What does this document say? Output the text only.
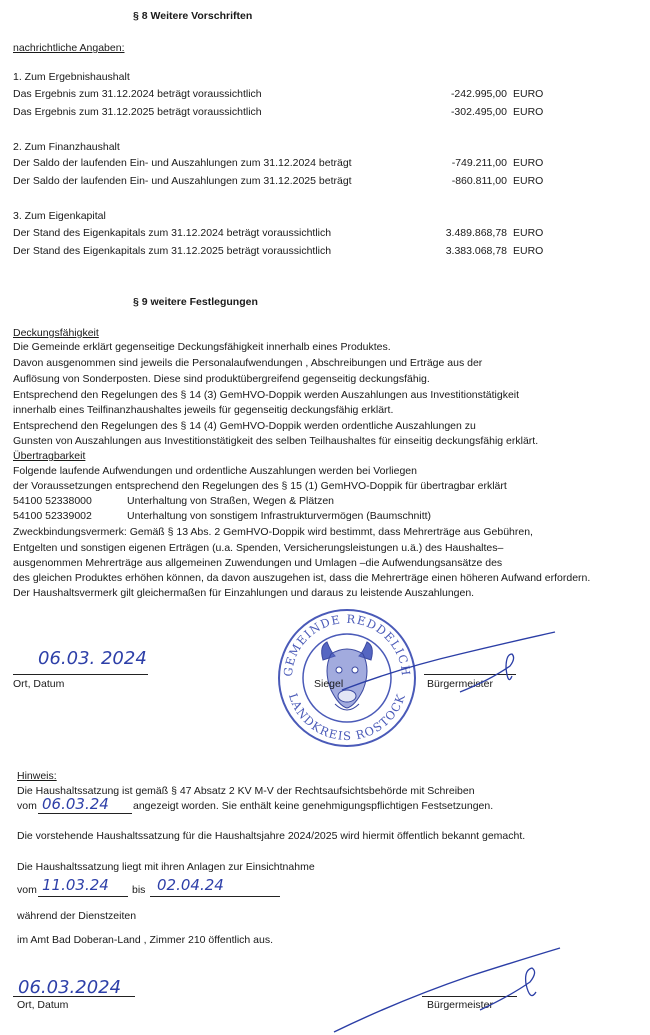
§ 8 Weitere Vorschriften
nachrichtliche Angaben:
1. Zum Ergebnishaushalt
Das Ergebnis zum 31.12.2024 beträgt voraussichtlich	-242.995,00 EURO
Das Ergebnis zum 31.12.2025 beträgt voraussichtlich	-302.495,00 EURO
2. Zum Finanzhaushalt
Der Saldo der laufenden Ein- und Auszahlungen zum 31.12.2024 beträgt	-749.211,00 EURO
Der Saldo der laufenden Ein- und Auszahlungen zum 31.12.2025 beträgt	-860.811,00 EURO
3. Zum Eigenkapital
Der Stand des Eigenkapitals zum 31.12.2024 beträgt voraussichtlich	3.489.868,78 EURO
Der Stand des Eigenkapitals zum 31.12.2025 beträgt voraussichtlich	3.383.068,78 EURO
§ 9 weitere Festlegungen
Deckungsfähigkeit
Die Gemeinde erklärt gegenseitige Deckungsfähigkeit innerhalb eines Produktes.
Davon ausgenommen sind jeweils die Personalaufwendungen , Abschreibungen und Erträge aus der
Auflösung von Sonderposten. Diese sind produktübergreifend gegenseitig deckungsfähig.
Entsprechend den Regelungen des § 14 (3) GemHVO-Doppik werden Auszahlungen aus Investitionstätigkeit
innerhalb eines Teilfinanzhaushaltes jeweils für gegenseitig deckungsfähig erklärt.
Entsprechend den Regelungen des § 14 (4) GemHVO-Doppik werden ordentliche Auszahlungen zu
Gunsten von Auszahlungen aus Investitionstätigkeit des selben Teilhaushaltes für einseitig deckungsfähig erklärt.
Übertragbarkeit
Folgende laufende Aufwendungen und ordentliche Auszahlungen werden bei Vorliegen
der Voraussetzungen entsprechend den Regelungen des § 15 (1) GemHVO-Doppik für übertragbar erklärt
54100 52338000	Unterhaltung von Straßen, Wegen & Plätzen
54100 52339002	Unterhaltung von sonstigem Infrastrukturvermögen (Baumschnitt)
Zweckbindungsvermerk: Gemäß § 13 Abs. 2 GemHVO-Doppik wird bestimmt, dass Mehrerträge aus Gebühren,
Entgelten und sonstigen eigenen Erträgen (u.a. Spenden, Versicherungsleistungen u.ä.) des Haushaltes–
ausgenommen Mehrerträge aus allgemeinen Zuwendungen und Umlagen –die Aufwendungsansätze des
des gleichen Produktes erhöhen können, da davon auszugehen ist, dass die Mehrerträge einen höheren Aufwand erfordern.
Der Haushaltsvermerk gilt gleichermaßen für Einzahlungen und daraus zu leistende Auszahlungen.
06.03. 2024
Ort, Datum
GEMEINDE REDDELICH
LANDKREIS ROSTOCK
Siegel	Bürgermeister
Hinweis:
Die Haushaltssatzung ist gemäß § 47 Absatz 2 KV M-V der Rechtsaufsichtsbehörde mit Schreiben
vom 06.03.24 angezeigt worden. Sie enthält keine genehmigungspflichtigen Festsetzungen.
Die vorstehende Haushaltssatzung für die Haushaltsjahre 2024/2025 wird hiermit öffentlich bekannt gemacht.
Die Haushaltssatzung liegt mit ihren Anlagen zur Einsichtnahme
vom 11.03.24 bis 02.04.24
während der Dienstzeiten
im Amt Bad Doberan-Land , Zimmer 210 öffentlich aus.
06.03.2024
Ort, Datum	Bürgermeister
